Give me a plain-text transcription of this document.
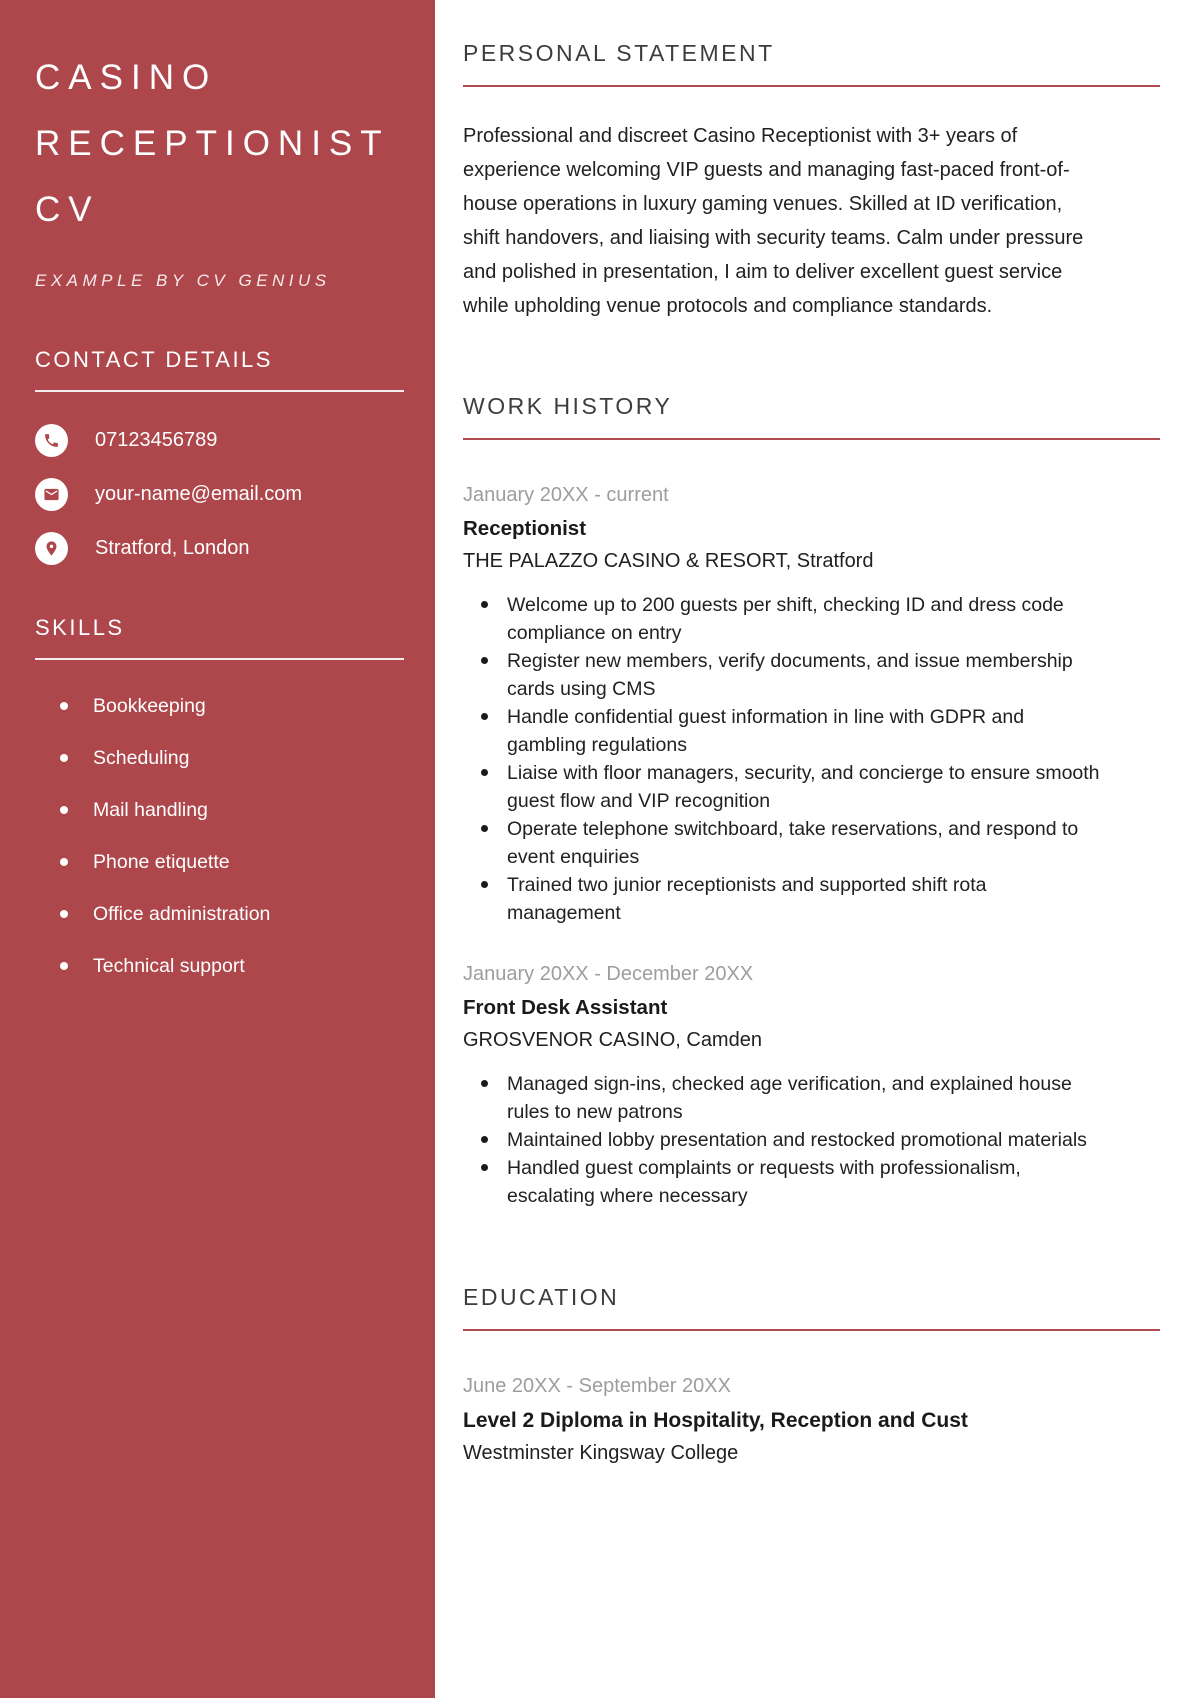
CASINO
RECEPTIONIST
CV
EXAMPLE BY CV GENIUS
CONTACT DETAILS
07123456789
your-name@email.com
Stratford, London
SKILLS
Bookkeeping
Scheduling
Mail handling
Phone etiquette
Office administration
Technical support
PERSONAL STATEMENT

Professional and discreet Casino Receptionist with 3+ years of experience welcoming VIP guests and managing fast-paced front-of-house operations in luxury gaming venues. Skilled at ID verification, shift handovers, and liaising with security teams. Calm under pressure and polished in presentation, I aim to deliver excellent guest service while upholding venue protocols and compliance standards.

WORK HISTORY
January 20XX - current
Receptionist
THE PALAZZO CASINO & RESORT, Stratford
Welcome up to 200 guests per shift, checking ID and dress code compliance on entry
Register new members, verify documents, and issue membership cards using CMS
Handle confidential guest information in line with GDPR and gambling regulations
Liaise with floor managers, security, and concierge to ensure smooth guest flow and VIP recognition
Operate telephone switchboard, take reservations, and respond to event enquiries
Trained two junior receptionists and supported shift rota management
January 20XX - December 20XX
Front Desk Assistant
GROSVENOR CASINO, Camden
Managed sign-ins, checked age verification, and explained house rules to new patrons
Maintained lobby presentation and restocked promotional materials
Handled guest complaints or requests with professionalism, escalating where necessary
EDUCATION
June 20XX - September 20XX
Level 2 Diploma in Hospitality, Reception and Cust
Westminster Kingsway College
